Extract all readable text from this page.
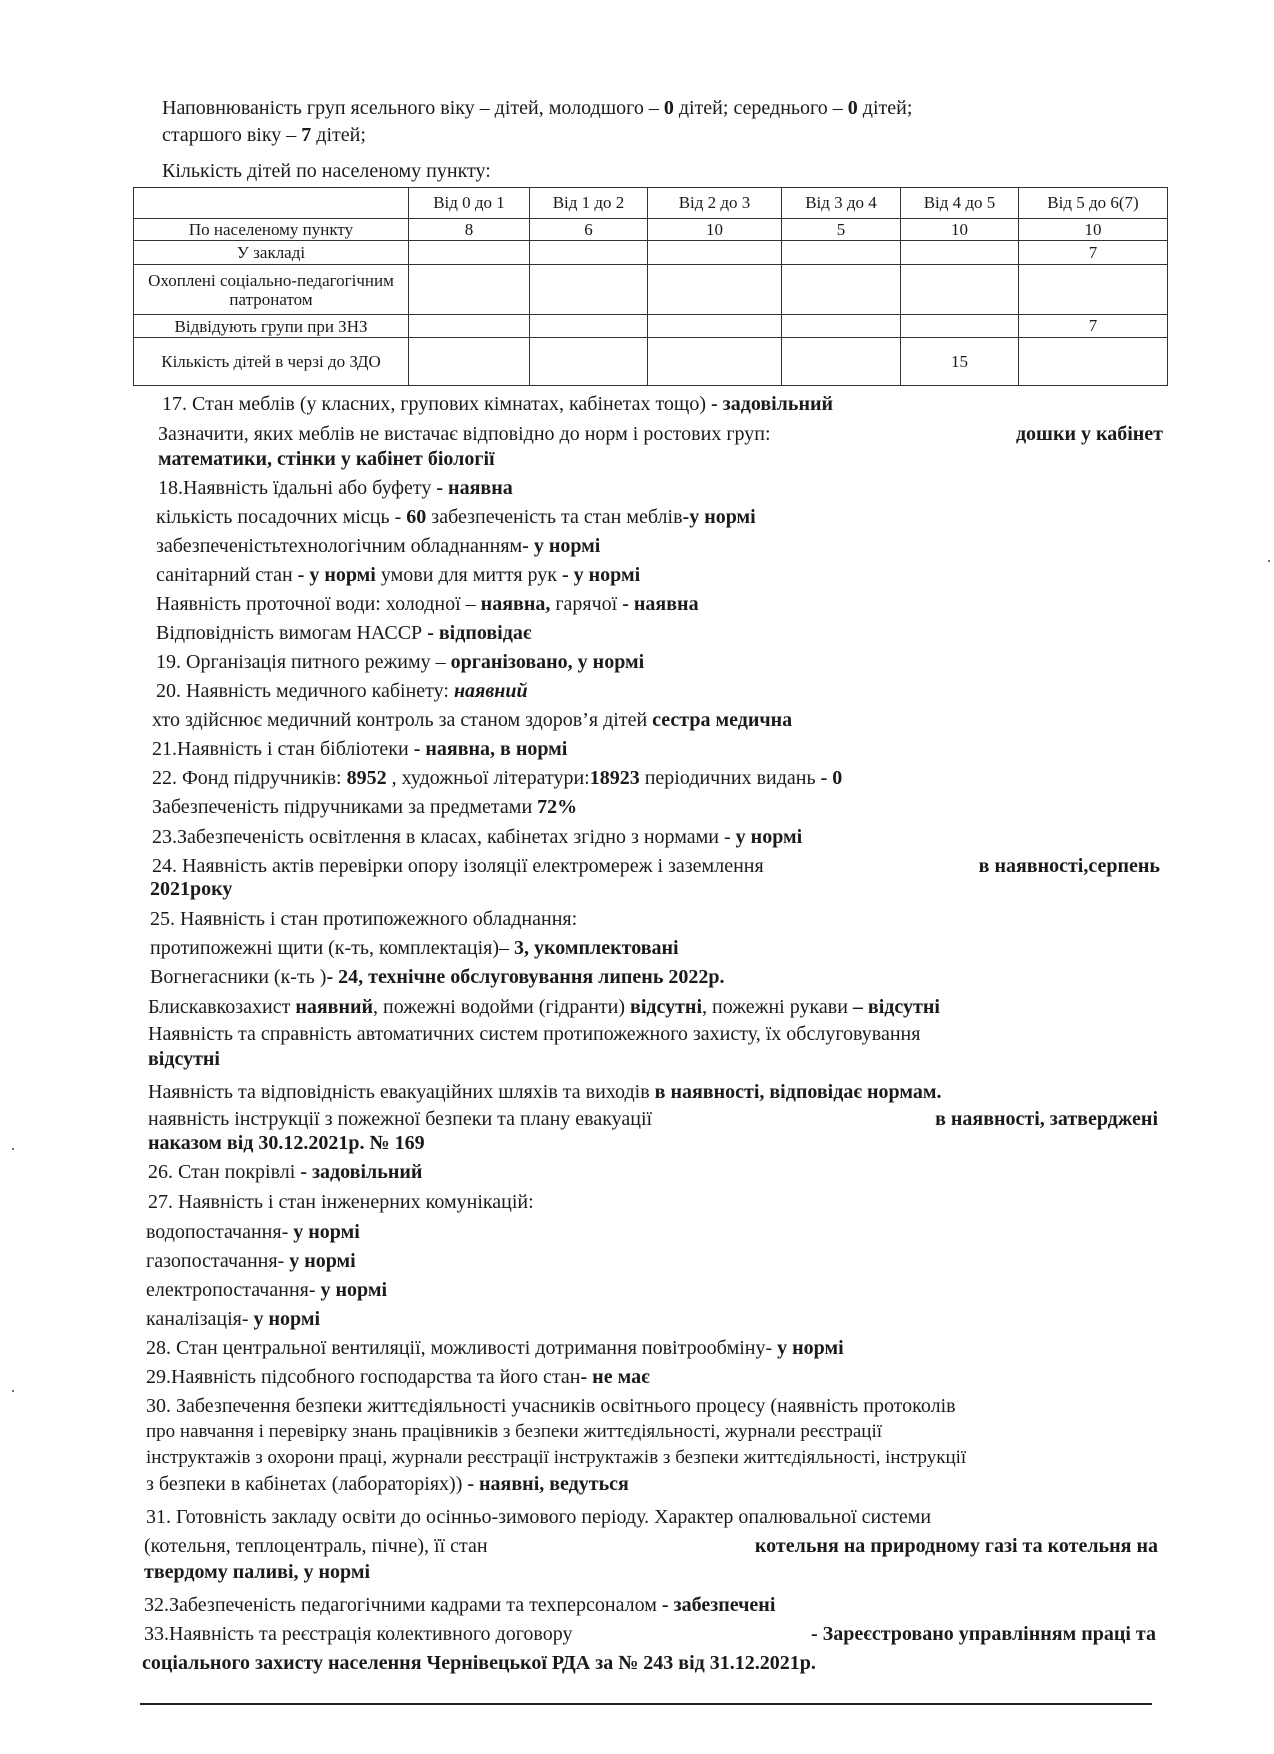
Наповнюваність груп ясельного віку – дітей, молодшого – 0 дітей; середнього – 0 дітей;
старшого віку – 7 дітей;
Кількість дітей по населеному пункту:
	Від 0 до 1	Від 1 до 2	Від 2 до 3	Від 3 до 4	Від 4 до 5	Від 5 до 6(7)
По населеному пункту	8	6	10	5	10	10
У закладі						7
Охоплені соціально-педагогічним патронатом						
Відвідують групи при ЗНЗ						7
Кількість дітей в черзі до ЗДО					15	
17. Стан меблів (у класних, групових кімнатах, кабінетах тощо) - задовільний
Зазначити, яких меблів не вистачає відповідно до норм і ростових груп:	дошки у кабінет
математики, стінки у кабінет біології
18.Наявність їдальні або буфету - наявна
кількість посадочних місць - 60 забезпеченість та стан меблів-у нормі
забезпеченістьтехнологічним обладнанням- у нормі
санітарний стан - у нормі умови для миття рук - у нормі
Наявність проточної води: холодної – наявна, гарячої - наявна
Відповідність вимогам НАССР - відповідає
19. Організація питного режиму – організовано, у нормі
20. Наявність медичного кабінету: наявний
хто здійснює медичний контроль за станом здоров’я дітей сестра медична
21.Наявність і стан бібліотеки - наявна, в нормі
22. Фонд підручників: 8952 , художньої літератури:18923 періодичних видань - 0
Забезпеченість підручниками за предметами 72%
23.Забезпеченість освітлення в класах, кабінетах згідно з нормами - у нормі
24. Наявність актів перевірки опору ізоляції електромереж і заземлення	в наявності,серпень
2021року
25. Наявність і стан протипожежного обладнання:
протипожежні щити (к-ть, комплектація)– 3, укомплектовані
Вогнегасники (к-ть )- 24, технічне обслуговування липень 2022р.
Блискавкозахист наявний, пожежні водойми (гідранти) відсутні, пожежні рукави – відсутні
Наявність та справність автоматичних систем протипожежного захисту, їх обслуговування
відсутні
Наявність та відповідність евакуаційних шляхів та виходів в наявності, відповідає нормам.
наявність інструкції з пожежної безпеки та плану евакуації	в наявності, затверджені
наказом від 30.12.2021р. № 169
26. Стан покрівлі - задовільний
27. Наявність і стан інженерних комунікацій:
водопостачання- у нормі
газопостачання- у нормі
електропостачання- у нормі
каналізація- у нормі
28. Стан центральної вентиляції, можливості дотримання повітрообміну- у нормі
29.Наявність підсобного господарства та його стан- не має
30. Забезпечення безпеки життєдіяльності учасників освітнього процесу (наявність протоколів
про навчання і перевірку знань працівників з безпеки життєдіяльності, журнали реєстрації
інструктажів з охорони праці, журнали реєстрації інструктажів з безпеки життєдіяльності, інструкції
з безпеки в кабінетах (лабораторіях)) - наявні, ведуться
31. Готовність закладу освіти до осінньо-зимового періоду. Характер опалювальної системи
(котельня, теплоцентраль, пічне), її стан	котельня на природному газі та котельня на
твердому паливі, у нормі
32.Забезпеченість педагогічними кадрами та техперсоналом - забезпечені
33.Наявність та реєстрація колективного договору	- Зареєстровано управлінням праці та
соціального захисту населення Чернівецької РДА за № 243 від 31.12.2021р.
